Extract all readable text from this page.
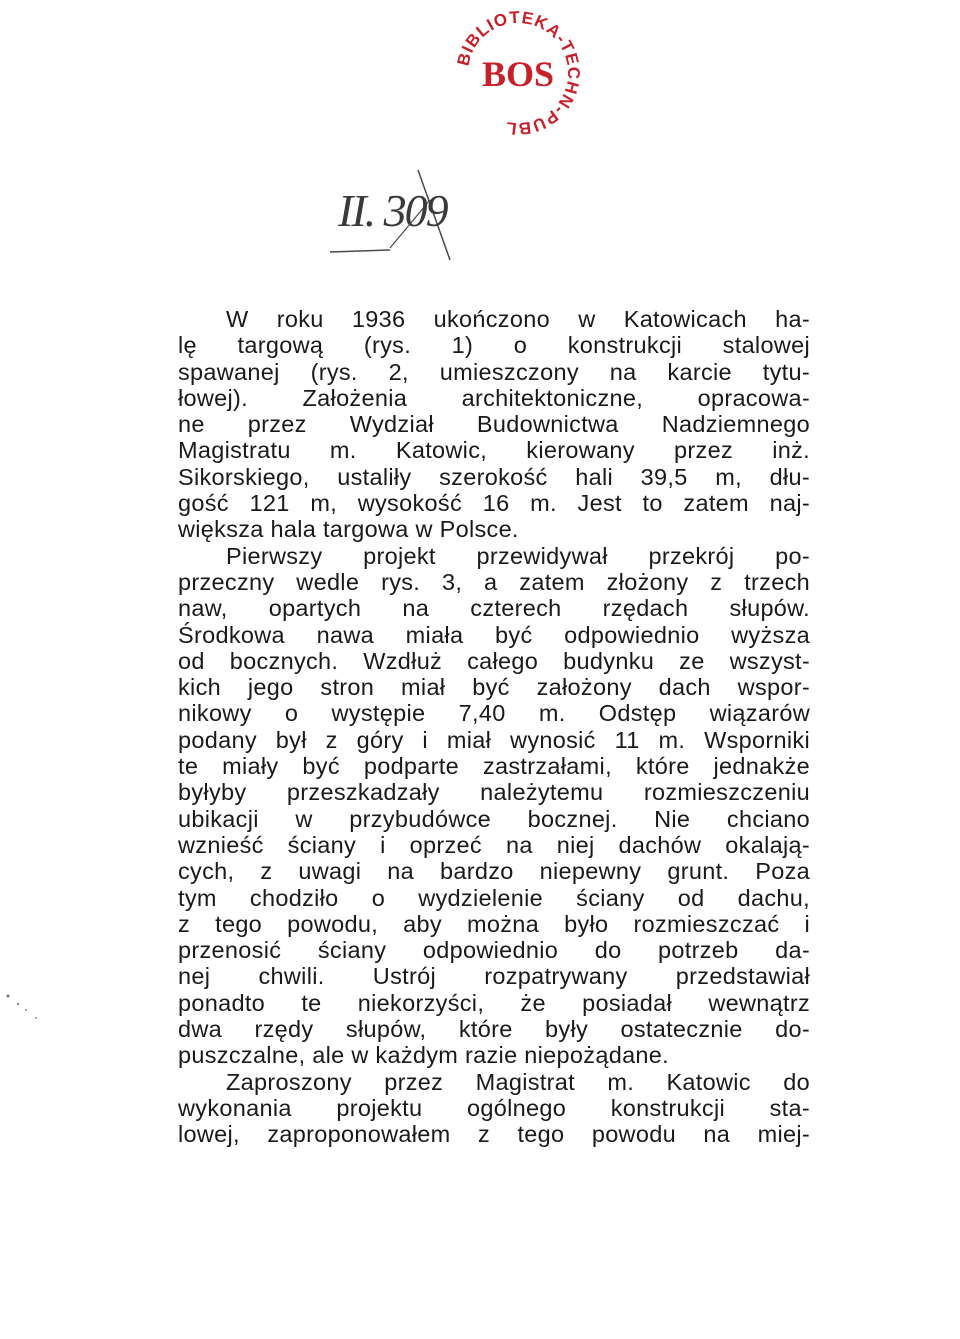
BIBLIOTEKA-TECHN-PUBL
BOS
II. 309
W roku 1936 ukończono w Katowicach ha-
lę targową (rys. 1) o konstrukcji stalowej
spawanej (rys. 2, umieszczony na karcie tytu-
łowej). Założenia architektoniczne, opracowa-
ne przez Wydział Budownictwa Nadziemnego
Magistratu m. Katowic, kierowany przez inż.
Sikorskiego, ustaliły szerokość hali 39,5 m, dłu-
gość 121 m, wysokość 16 m. Jest to zatem naj-
większa hala targowa w Polsce.
Pierwszy projekt przewidywał przekrój po-
przeczny wedle rys. 3, a zatem złożony z trzech
naw, opartych na czterech rzędach słupów.
Środkowa nawa miała być odpowiednio wyższa
od bocznych. Wzdłuż całego budynku ze wszyst-
kich jego stron miał być założony dach wspor-
nikowy o występie 7,40 m. Odstęp wiązarów
podany był z góry i miał wynosić 11 m. Wsporniki
te miały być podparte zastrzałami, które jednakże
byłyby przeszkadzały należytemu rozmieszczeniu
ubikacji w przybudówce bocznej. Nie chciano
wznieść ściany i oprzeć na niej dachów okalają-
cych, z uwagi na bardzo niepewny grunt. Poza
tym chodziło o wydzielenie ściany od dachu,
z tego powodu, aby można było rozmieszczać i
przenosić ściany odpowiednio do potrzeb da-
nej chwili. Ustrój rozpatrywany przedstawiał
ponadto te niekorzyści, że posiadał wewnątrz
dwa rzędy słupów, które były ostatecznie do-
puszczalne, ale w każdym razie niepożądane.
Zaproszony przez Magistrat m. Katowic do
wykonania projektu ogólnego konstrukcji sta-
lowej, zaproponowałem z tego powodu na miej-
